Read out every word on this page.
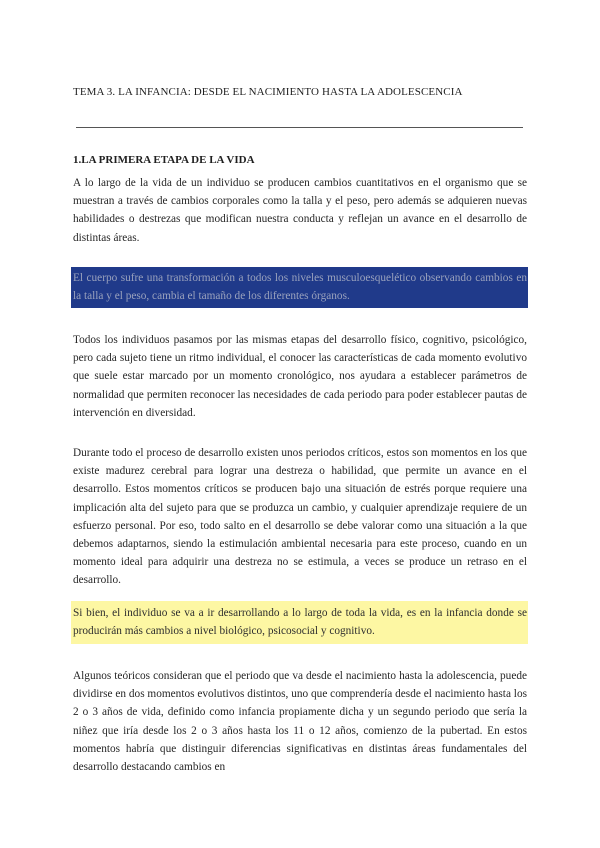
TEMA 3. LA INFANCIA: DESDE EL NACIMIENTO HASTA LA ADOLESCENCIA
1.LA PRIMERA ETAPA DE LA VIDA

A lo largo de la vida de un individuo se producen cambios cuantitativos en el organismo que se muestran a través de cambios corporales como la talla y el peso, pero además se adquieren nuevas habilidades o destrezas que modifican nuestra conducta y reflejan un avance en el desarrollo de distintas áreas.

El cuerpo sufre una transformación a todos los niveles musculoesquelético observando cambios en la talla y el peso, cambia el tamaño de los diferentes órganos.

Todos los individuos pasamos por las mismas etapas del desarrollo físico, cognitivo, psicológico, pero cada sujeto tiene un ritmo individual, el conocer las características de cada momento evolutivo que suele estar marcado por un momento cronológico, nos ayudara a establecer parámetros de normalidad que permiten reconocer las necesidades de cada periodo para poder establecer pautas de intervención en diversidad.

Durante todo el proceso de desarrollo existen unos periodos críticos, estos son momentos en los que existe madurez cerebral para lograr una destreza o habilidad, que permite un avance en el desarrollo. Estos momentos críticos se producen bajo una situación de estrés porque requiere una implicación alta del sujeto para que se produzca un cambio, y cualquier aprendizaje requiere de un esfuerzo personal. Por eso, todo salto en el desarrollo se debe valorar como una situación a la que debemos adaptarnos, siendo la estimulación ambiental necesaria para este proceso, cuando en un momento ideal para adquirir una destreza no se estimula, a veces se produce un retraso en el desarrollo.

Si bien, el individuo se va a ir desarrollando a lo largo de toda la vida, es en la infancia donde se producirán más cambios a nivel biológico, psicosocial y cognitivo.

Algunos teóricos consideran que el periodo que va desde el nacimiento hasta la adolescencia, puede dividirse en dos momentos evolutivos distintos, uno que comprendería desde el nacimiento hasta los 2 o 3 años de vida, definido como infancia propiamente dicha y un segundo periodo que sería la niñez que iría desde los 2 o 3 años hasta los 11 o 12 años, comienzo de la pubertad. En estos momentos habría que distinguir diferencias significativas en distintas áreas fundamentales del desarrollo destacando cambios en
